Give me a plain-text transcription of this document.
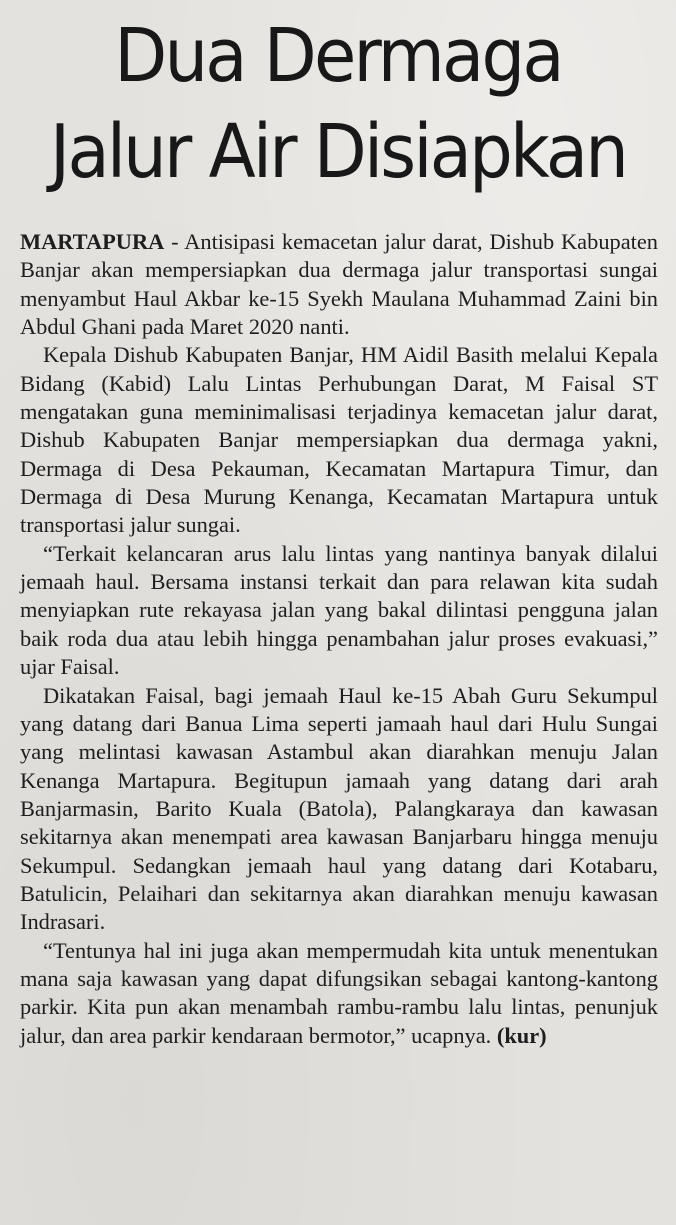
Dua Dermaga
Jalur Air Disiapkan

MARTAPURA - Antisipasi kemacetan jalur darat, Dishub Kabupaten Banjar akan mempersiapkan dua dermaga jalur transportasi sungai menyambut Haul Akbar ke-15 Syekh Maulana Muhammad Zaini bin Abdul Ghani pada Maret 2020 nanti.

Kepala Dishub Kabupaten Banjar, HM Aidil Basith melalui Kepala Bidang (Kabid) Lalu Lintas Perhubungan Darat, M Faisal ST mengatakan guna meminimalisasi terjadinya kemacetan jalur darat, Dishub Kabupaten Banjar mempersiapkan dua dermaga yakni, Dermaga di Desa Pekauman, Kecamatan Martapura Timur, dan Dermaga di Desa Murung Kenanga, Kecamatan Martapura untuk transportasi jalur sungai.

“Terkait kelancaran arus lalu lintas yang nantinya banyak dilalui jemaah haul. Bersama instansi terkait dan para relawan kita sudah menyiapkan rute rekayasa jalan yang bakal dilintasi pengguna jalan baik roda dua atau lebih hingga penambahan jalur proses evakuasi,” ujar Faisal.

Dikatakan Faisal, bagi jemaah Haul ke-15 Abah Guru Sekumpul yang datang dari Banua Lima seperti jamaah haul dari Hulu Sungai yang melintasi kawasan Astambul akan diarahkan menuju Jalan Kenanga Martapura. Begitupun jamaah yang datang dari arah Banjarmasin, Barito Kuala (Batola), Palangkaraya dan kawasan sekitarnya akan menempati area kawasan Banjarbaru hingga menuju Sekumpul. Sedangkan jemaah haul yang datang dari Kotabaru, Batulicin, Pelaihari dan sekitarnya akan diarahkan menuju kawasan Indrasari.

“Tentunya hal ini juga akan mempermudah kita untuk menentukan mana saja kawasan yang dapat difungsikan sebagai kantong-kantong parkir. Kita pun akan menambah rambu-rambu lalu lintas, penunjuk jalur, dan area parkir kendaraan bermotor,” ucapnya. (kur)
